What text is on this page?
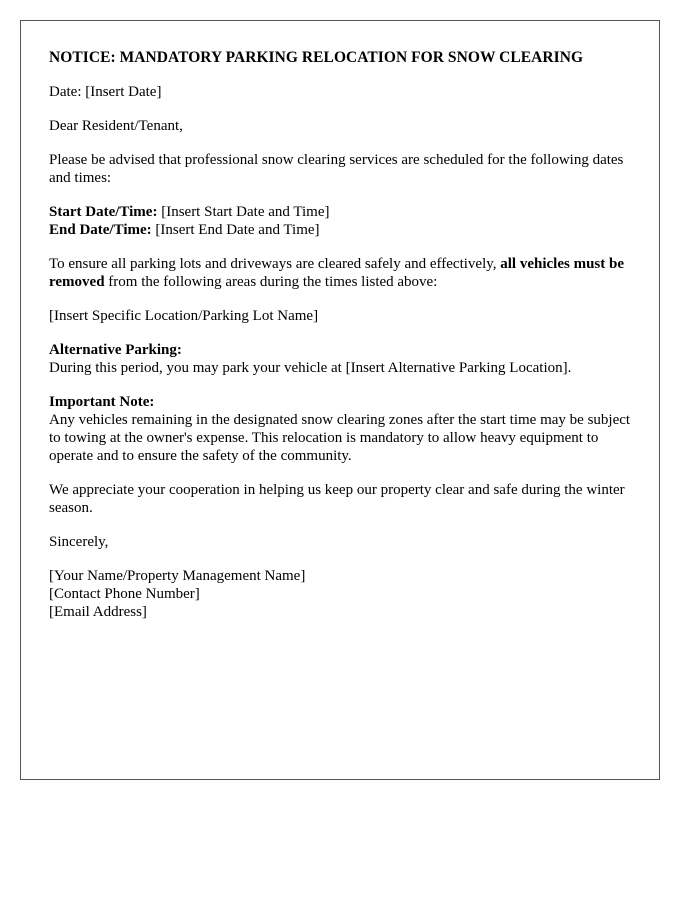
NOTICE: MANDATORY PARKING RELOCATION FOR SNOW CLEARING

Date: [Insert Date]

Dear Resident/Tenant,

Please be advised that professional snow clearing services are scheduled for the following dates and times:

Start Date/Time: [Insert Start Date and Time]
End Date/Time: [Insert End Date and Time]

To ensure all parking lots and driveways are cleared safely and effectively, all vehicles must be removed from the following areas during the times listed above:

[Insert Specific Location/Parking Lot Name]

Alternative Parking:
During this period, you may park your vehicle at [Insert Alternative Parking Location].
Important Note:
Any vehicles remaining in the designated snow clearing zones after the start time may be subject to towing at the owner's expense. This relocation is mandatory to allow heavy equipment to operate and to ensure the safety of the community.

We appreciate your cooperation in helping us keep our property clear and safe during the winter season.

Sincerely,

[Your Name/Property Management Name]
[Contact Phone Number]
[Email Address]
